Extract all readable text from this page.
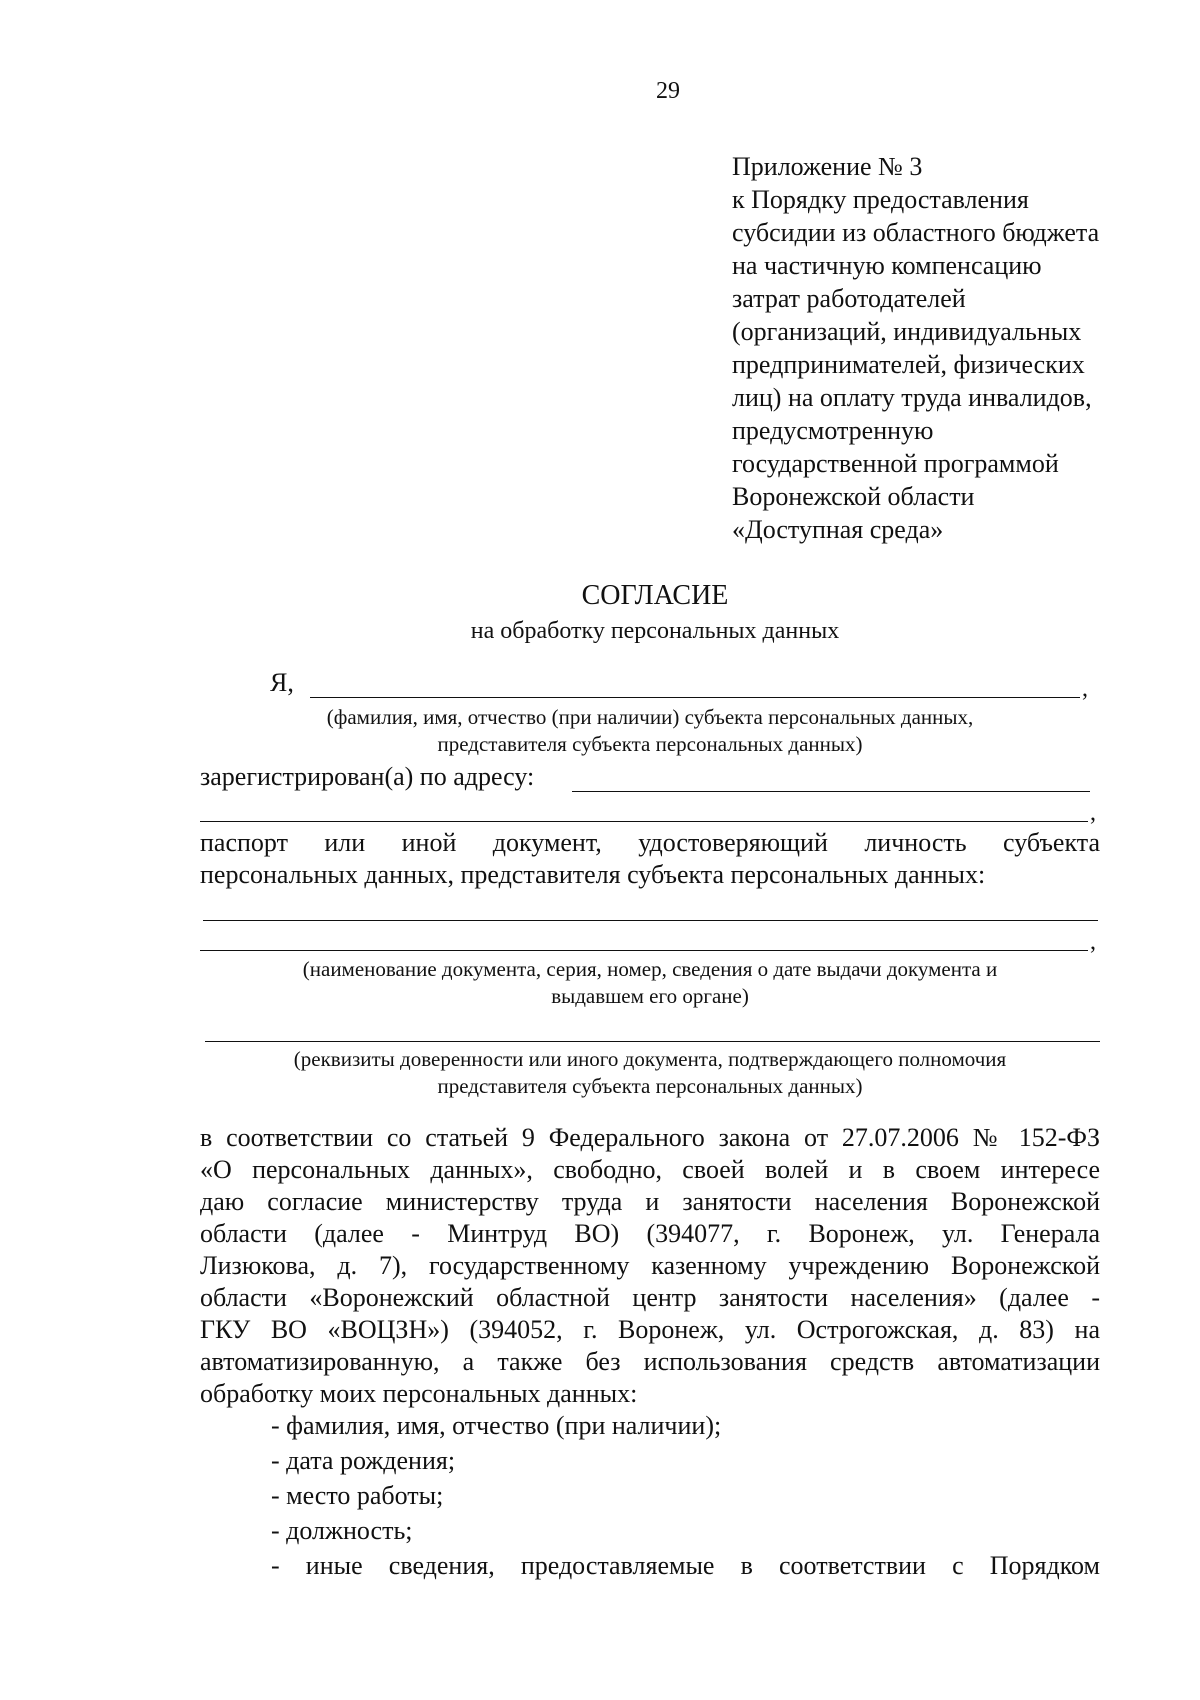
29
Приложение № 3
к Порядку предоставления
субсидии из областного бюджета
на частичную компенсацию
затрат работодателей
(организаций, индивидуальных
предпринимателей, физических
лиц) на оплату труда инвалидов,
предусмотренную
государственной программой
Воронежской области
«Доступная среда»
СОГЛАСИЕ
на обработку персональных данных
Я,	,
(фамилия, имя, отчество (при наличии) субъекта персональных данных,
представителя субъекта персональных данных)
зарегистрирован(а) по адресу:
,
паспорт или иной документ, удостоверяющий личность субъекта
персональных данных, представителя субъекта персональных данных:
,
(наименование документа, серия, номер, сведения о дате выдачи документа и
выдавшем его органе)
(реквизиты доверенности или иного документа, подтверждающего полномочия
представителя субъекта персональных данных)
в соответствии со статьей 9 Федерального закона от 27.07.2006 № 152-ФЗ
«О персональных данных», свободно, своей волей и в своем интересе
даю согласие министерству труда и занятости населения Воронежской
области (далее - Минтруд ВО) (394077, г. Воронеж, ул. Генерала
Лизюкова, д. 7), государственному казенному учреждению Воронежской
области «Воронежский областной центр занятости населения» (далее -
ГКУ ВО «ВОЦЗН») (394052, г. Воронеж, ул. Острогожская, д. 83) на
автоматизированную, а также без использования средств автоматизации
обработку моих персональных данных:
- фамилия, имя, отчество (при наличии);
- дата рождения;
- место работы;
- должность;
- иные сведения, предоставляемые в соответствии с Порядком
